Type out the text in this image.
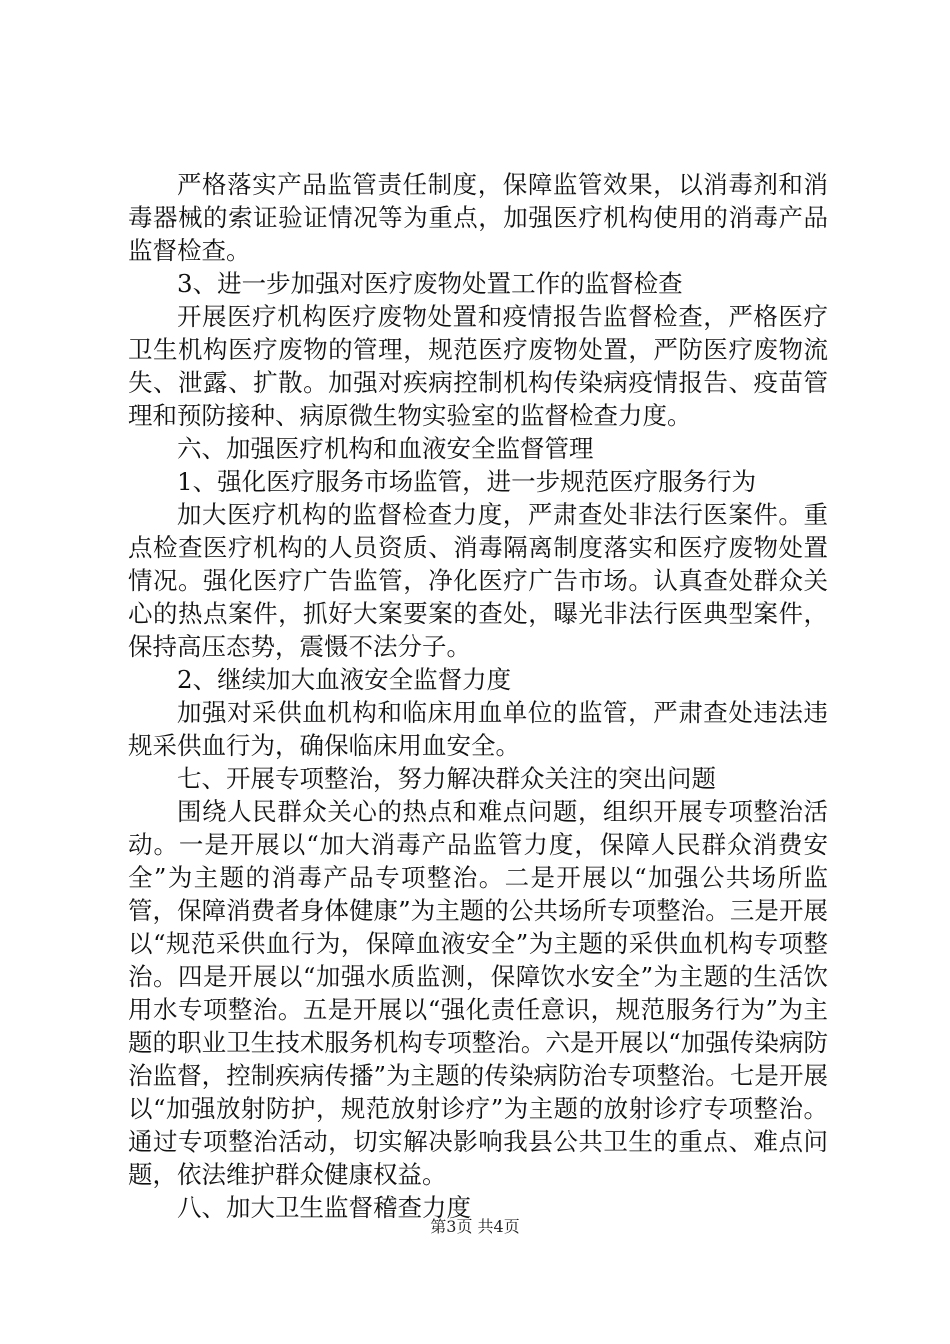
严格落实产品监管责任制度，保障监管效果，以消毒剂和消毒器械的索证验证情况等为重点，加强医疗机构使用的消毒产品监督检查。

3、进一步加强对医疗废物处置工作的监督检查

开展医疗机构医疗废物处置和疫情报告监督检查，严格医疗卫生机构医疗废物的管理，规范医疗废物处置，严防医疗废物流失、泄露、扩散。加强对疾病控制机构传染病疫情报告、疫苗管理和预防接种、病原微生物实验室的监督检查力度。

六、加强医疗机构和血液安全监督管理

1、强化医疗服务市场监管，进一步规范医疗服务行为

加大医疗机构的监督检查力度，严肃查处非法行医案件。重点检查医疗机构的人员资质、消毒隔离制度落实和医疗废物处置情况。强化医疗广告监管，净化医疗广告市场。认真查处群众关心的热点案件，抓好大案要案的查处，曝光非法行医典型案件，保持高压态势，震慑不法分子。

2、继续加大血液安全监督力度

加强对采供血机构和临床用血单位的监管，严肃查处违法违规采供血行为，确保临床用血安全。

七、开展专项整治，努力解决群众关注的突出问题

围绕人民群众关心的热点和难点问题，组织开展专项整治活动。一是开展以“加大消毒产品监管力度，保障人民群众消费安全”为主题的消毒产品专项整治。二是开展以“加强公共场所监管，保障消费者身体健康”为主题的公共场所专项整治。三是开展以“规范采供血行为，保障血液安全”为主题的采供血机构专项整治。四是开展以“加强水质监测，保障饮水安全”为主题的生活饮用水专项整治。五是开展以“强化责任意识，规范服务行为”为主题的职业卫生技术服务机构专项整治。六是开展以“加强传染病防治监督，控制疾病传播”为主题的传染病防治专项整治。七是开展以“加强放射防护，规范放射诊疗”为主题的放射诊疗专项整治。通过专项整治活动，切实解决影响我县公共卫生的重点、难点问题，依法维护群众健康权益。

八、加大卫生监督稽查力度

第3页 共4页
